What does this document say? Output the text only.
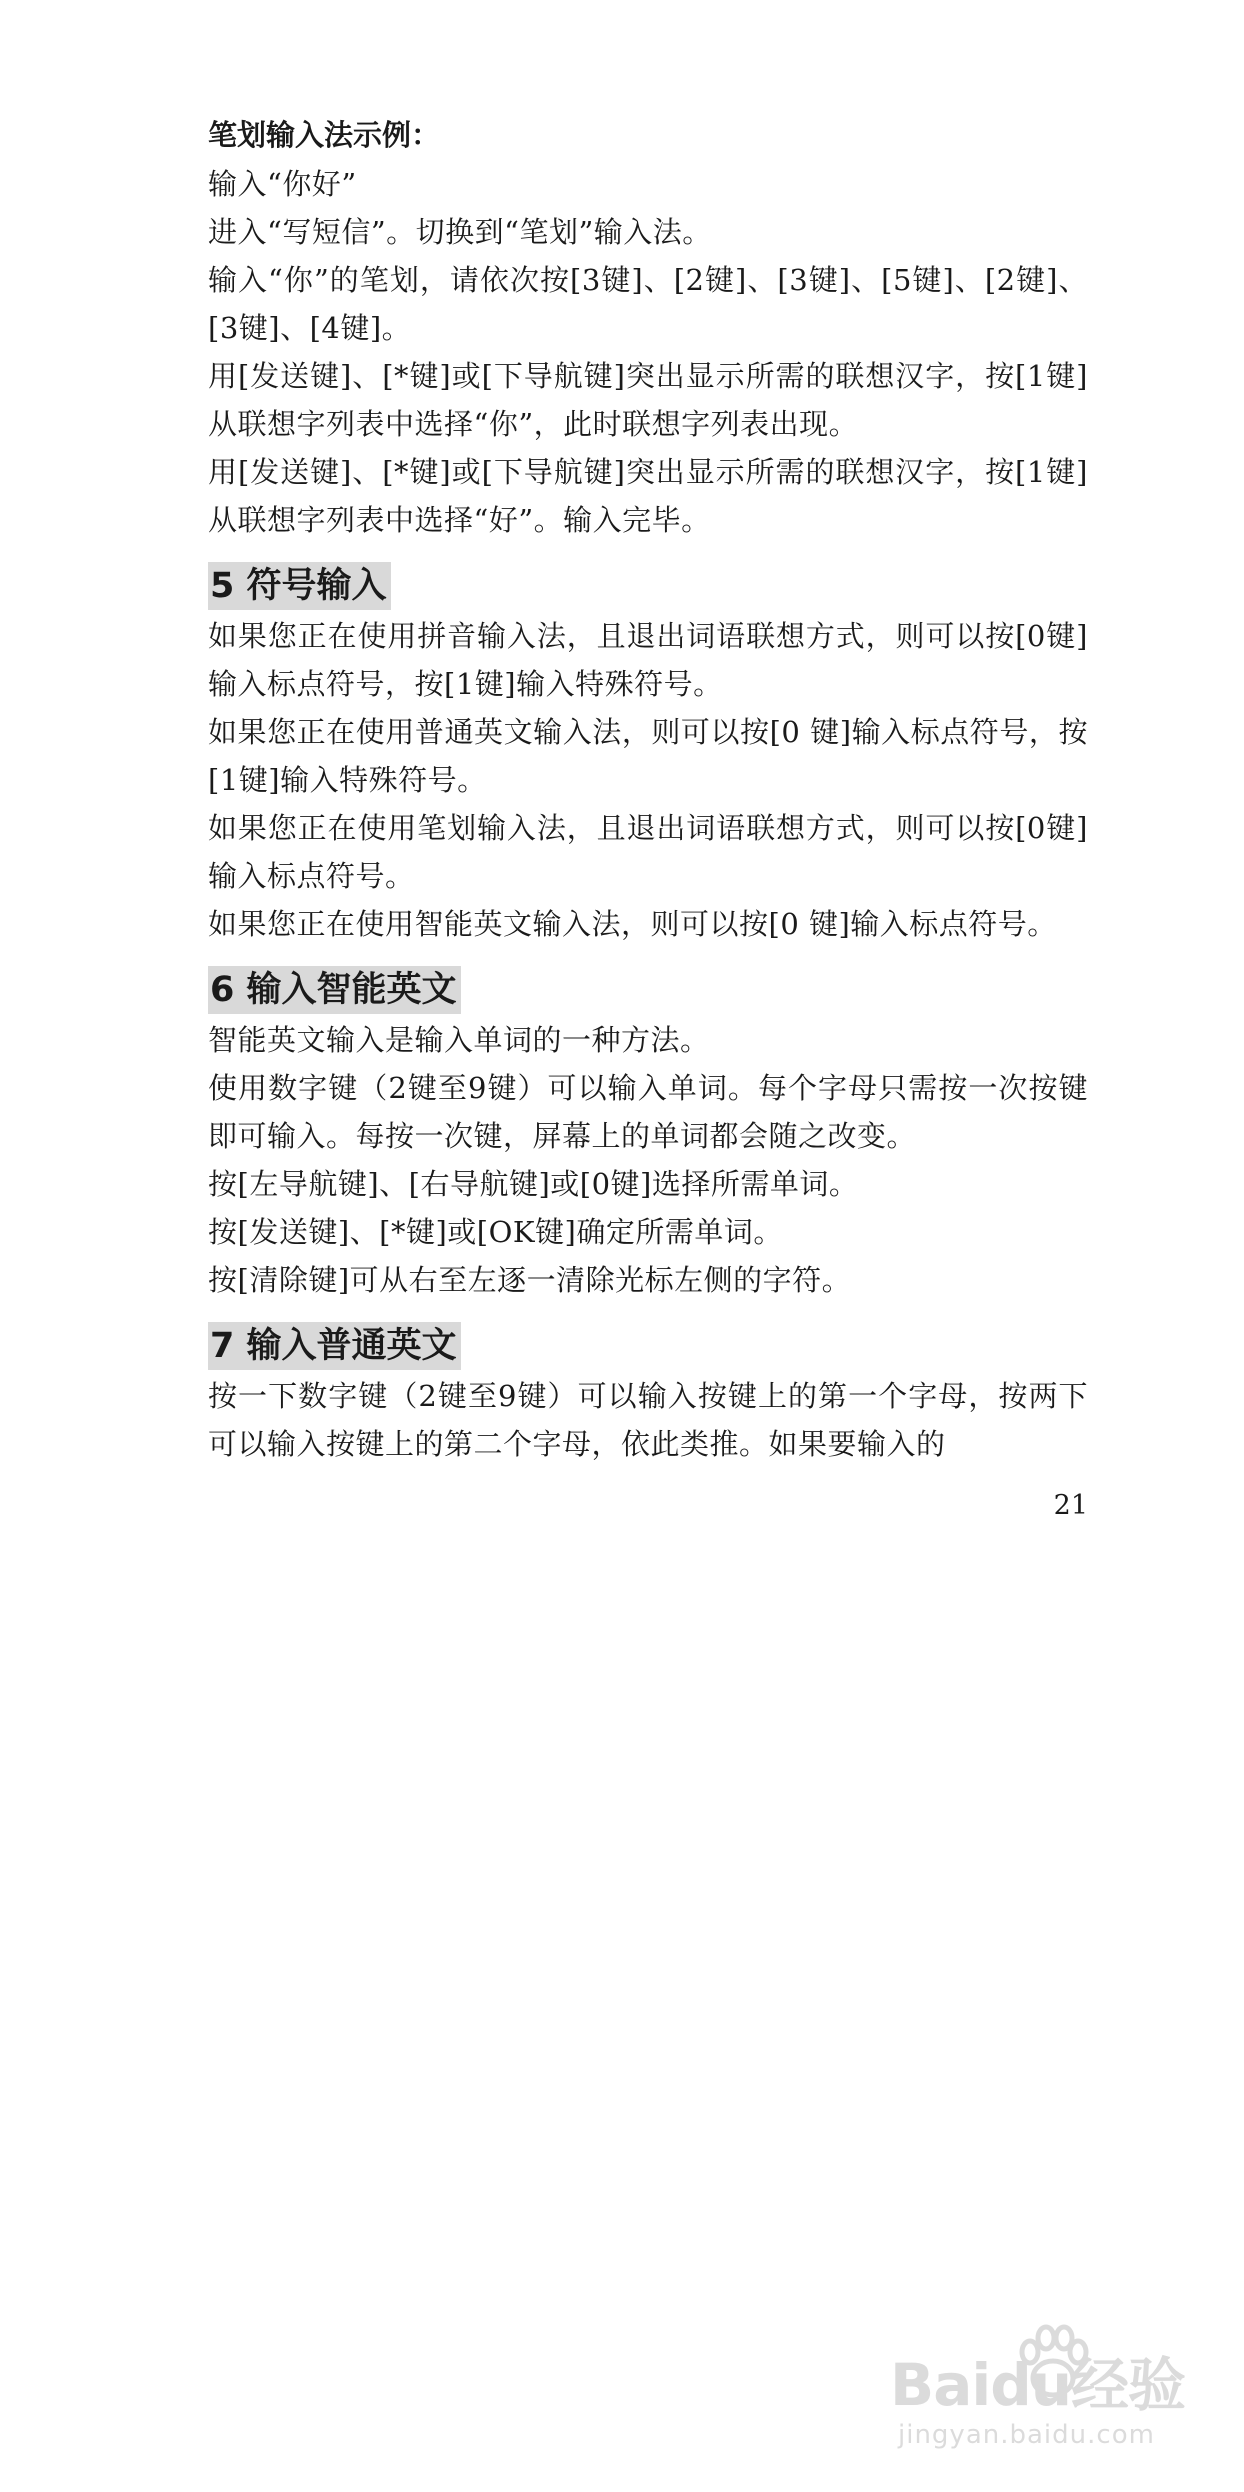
笔划输入法示例：

输入“你好”

进入“写短信”。切换到“笔划”输入法。

输入“你”的笔划，请依次按[3键]、[2键]、[3键]、[5键]、[2键]、[3键]、[4键]。

用[发送键]、[*键]或[下导航键]突出显示所需的联想汉字，按[1键]从联想字列表中选择“你”，此时联想字列表出现。

用[发送键]、[*键]或[下导航键]突出显示所需的联想汉字，按[1键]从联想字列表中选择“好”。输入完毕。

5 符号输入

如果您正在使用拼音输入法，且退出词语联想方式，则可以按[0键]输入标点符号，按[1键]输入特殊符号。

如果您正在使用普通英文输入法，则可以按[0 键]输入标点符号，按[1键]输入特殊符号。

如果您正在使用笔划输入法，且退出词语联想方式，则可以按[0键]输入标点符号。

如果您正在使用智能英文输入法，则可以按[0 键]输入标点符号。

6 输入智能英文

智能英文输入是输入单词的一种方法。

使用数字键（2键至9键）可以输入单词。每个字母只需按一次按键即可输入。每按一次键，屏幕上的单词都会随之改变。

按[左导航键]、[右导航键]或[0键]选择所需单词。

按[发送键]、[*键]或[OK键]确定所需单词。

按[清除键]可从右至左逐一清除光标左侧的字符。

7 输入普通英文

按一下数字键（2键至9键）可以输入按键上的第一个字母，按两下可以输入按键上的第二个字母，依此类推。如果要输入的

21
Baidu经验
jingyan.baidu.com
